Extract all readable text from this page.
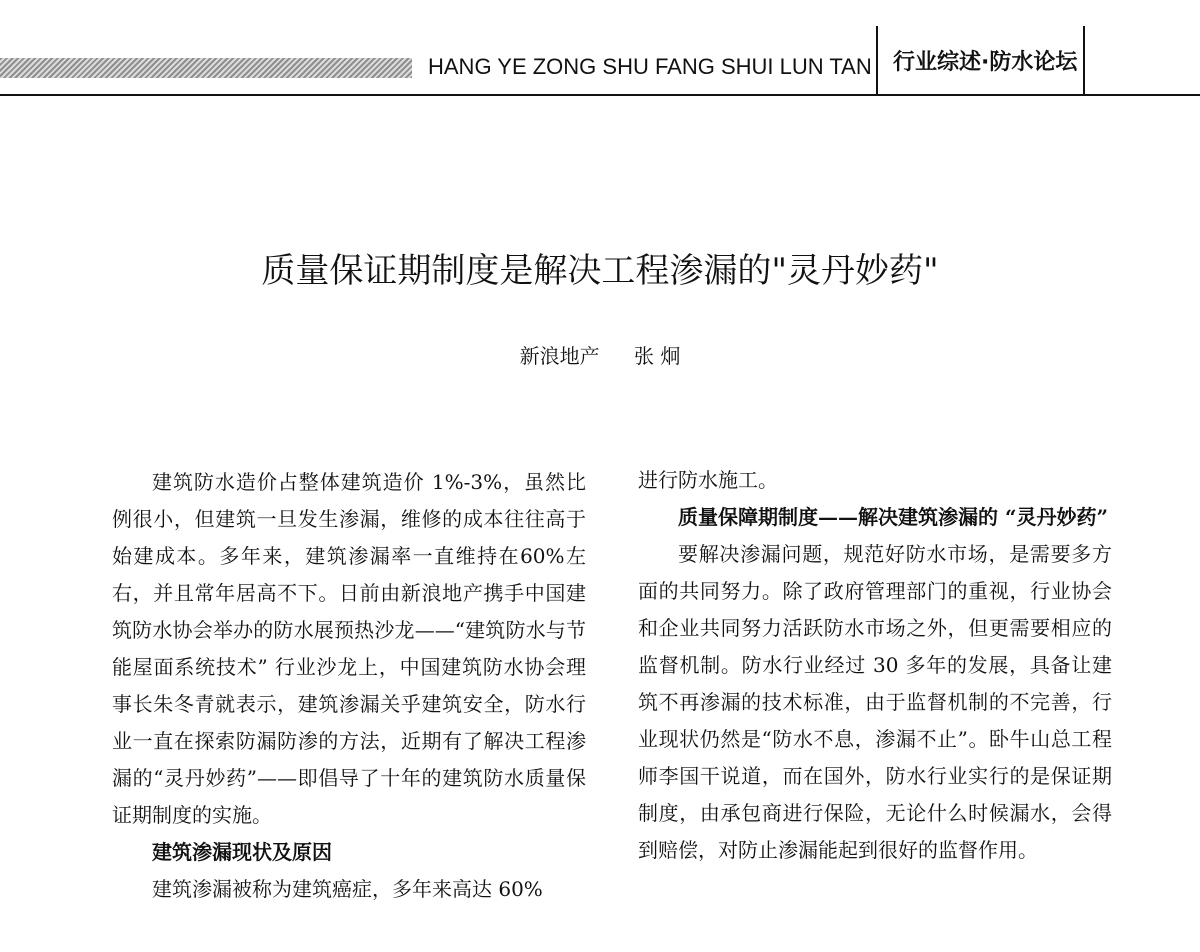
HANG YE ZONG SHU FANG SHUI LUN TAN 行业综述·防水论坛
质量保证期制度是解决工程渗漏的"灵丹妙药"
新浪地产 张 炯

建筑防水造价占整体建筑造价 1%-3%，虽然比例很小，但建筑一旦发生渗漏，维修的成本往往高于始建成本。多年来，建筑渗漏率一直维持在60%左右，并且常年居高不下。日前由新浪地产携手中国建筑防水协会举办的防水展预热沙龙——“建筑防水与节能屋面系统技术” 行业沙龙上，中国建筑防水协会理事长朱冬青就表示，建筑渗漏关乎建筑安全，防水行业一直在探索防漏防渗的方法，近期有了解决工程渗漏的“灵丹妙药”——即倡导了十年的建筑防水质量保证期制度的实施。

建筑渗漏现状及原因

建筑渗漏被称为建筑癌症，多年来高达 60%

进行防水施工。

质量保障期制度——解决建筑渗漏的 “灵丹妙药”

要解决渗漏问题，规范好防水市场，是需要多方面的共同努力。除了政府管理部门的重视，行业协会和企业共同努力活跃防水市场之外，但更需要相应的监督机制。防水行业经过 30 多年的发展，具备让建筑不再渗漏的技术标准，由于监督机制的不完善，行业现状仍然是“防水不息，渗漏不止”。卧牛山总工程师李国干说道，而在国外，防水行业实行的是保证期制度，由承包商进行保险，无论什么时候漏水，会得到赔偿，对防止渗漏能起到很好的监督作用。
